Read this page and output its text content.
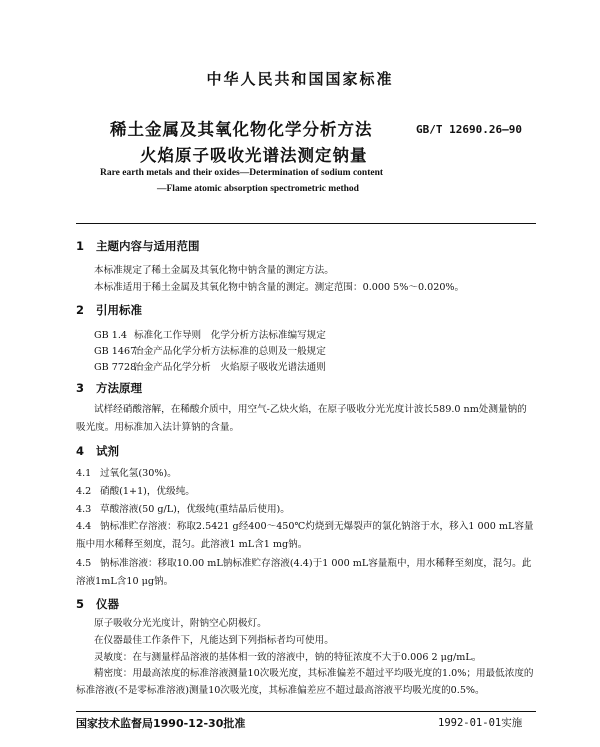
中华人民共和国国家标准
稀土金属及其氧化物化学分析方法
火焰原子吸收光谱法测定钠量
GB/T 12690.26—90
Rare earth metals and their oxides—Determination of sodium content
—Flame atomic absorption spectrometric method
1 主题内容与适用范围
本标准规定了稀土金属及其氧化物中钠含量的测定方法。
本标准适用于稀土金属及其氧化物中钠含量的测定。测定范围：0.000 5%～0.020%。
2 引用标准
GB 1.4 标准化工作导则　化学分析方法标准编写规定
GB 1467冶金产品化学分析方法标准的总则及一般规定
GB 7728冶金产品化学分析　火焰原子吸收光谱法通则
3 方法原理
试样经硝酸溶解，在稀酸介质中，用空气-乙炔火焰，在原子吸收分光光度计波长589.0 nm处测量钠的吸光度。用标准加入法计算钠的含量。
4 试剂
4.1 过氧化氢(30%)。
4.2 硝酸(1+1)，优级纯。
4.3 草酸溶液(50 g/L)，优级纯(重结晶后使用)。
4.4 钠标准贮存溶液：称取2.5421 g经400～450℃灼烧到无爆裂声的氯化钠溶于水，移入1 000 mL容量瓶中用水稀释至刻度，混匀。此溶液1 mL含1 mg钠。
4.5 钠标准溶液：移取10.00 mL钠标准贮存溶液(4.4)于1 000 mL容量瓶中，用水稀释至刻度，混匀。此溶液1mL含10 μg钠。
5 仪器
原子吸收分光光度计，附钠空心阴极灯。
在仪器最佳工作条件下，凡能达到下列指标者均可使用。
灵敏度：在与测量样品溶液的基体相一致的溶液中，钠的特征浓度不大于0.006 2 μg/mL。
精密度：用最高浓度的标准溶液测量10次吸光度，其标准偏差不超过平均吸光度的1.0%；用最低浓度的标准溶液(不是零标准溶液)测量10次吸光度，其标准偏差应不超过最高溶液平均吸光度的0.5%。
国家技术监督局1990-12-30批准	1992-01-01实施
